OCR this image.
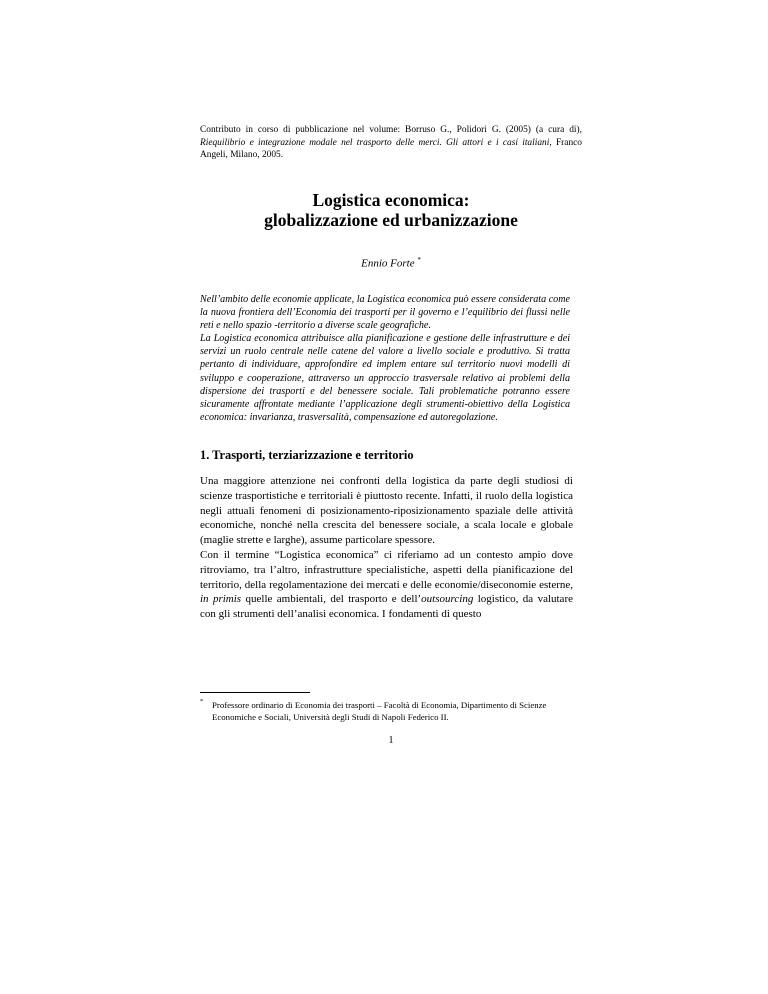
Contributo in corso di pubblicazione nel volume: Borruso G., Polidori G. (2005) (a cura di), Riequilibrio e integrazione modale nel trasporto delle merci. Gli attori e i casi italiani, Franco Angeli, Milano, 2005.
Logistica economica:
globalizzazione ed urbanizzazione
Ennio Forte *

Nell’ambito delle economie applicate, la Logistica economica può essere considerata come la nuova frontiera dell’Economia dei trasporti per il governo e l’equilibrio dei flussi nelle reti e nello spazio -territorio a diverse scale geografiche.

La Logistica economica attribuisce alla pianificazione e gestione delle infrastrutture e dei servizi un ruolo centrale nelle catene del valore a livello sociale e produttivo. Si tratta pertanto di individuare, approfondire ed implem entare sul territorio nuovi modelli di sviluppo e cooperazione, attraverso un approccio trasversale relativo ai problemi della dispersione dei trasporti e del benessere sociale. Tali problematiche potranno essere sicuramente affrontate mediante l’applicazione degli strumenti-obiettivo della Logistica economica: invarianza, trasversalità, compensazione ed autoregolazione.

1. Trasporti, terziarizzazione e territorio

Una maggiore attenzione nei confronti della logistica da parte degli studiosi di scienze trasportistiche e territoriali è piuttosto recente. Infatti, il ruolo della logistica negli attuali fenomeni di posizionamento-riposizionamento spaziale delle attività economiche, nonché nella crescita del benessere sociale, a scala locale e globale (maglie strette e larghe), assume particolare spessore.

Con il termine “Logistica economica” ci riferiamo ad un contesto ampio dove ritroviamo, tra l’altro, infrastrutture specialistiche, aspetti della pianificazione del territorio, della regolamentazione dei mercati e delle economie/diseconomie esterne, in primis quelle ambientali, del trasporto e dell’outsourcing logistico, da valutare con gli strumenti dell’analisi economica. I fondamenti di questo

* Professore ordinario di Economia dei trasporti – Facoltà di Economia, Dipartimento di Scienze Economiche e Sociali, Università degli Studi di Napoli Federico II.
1
